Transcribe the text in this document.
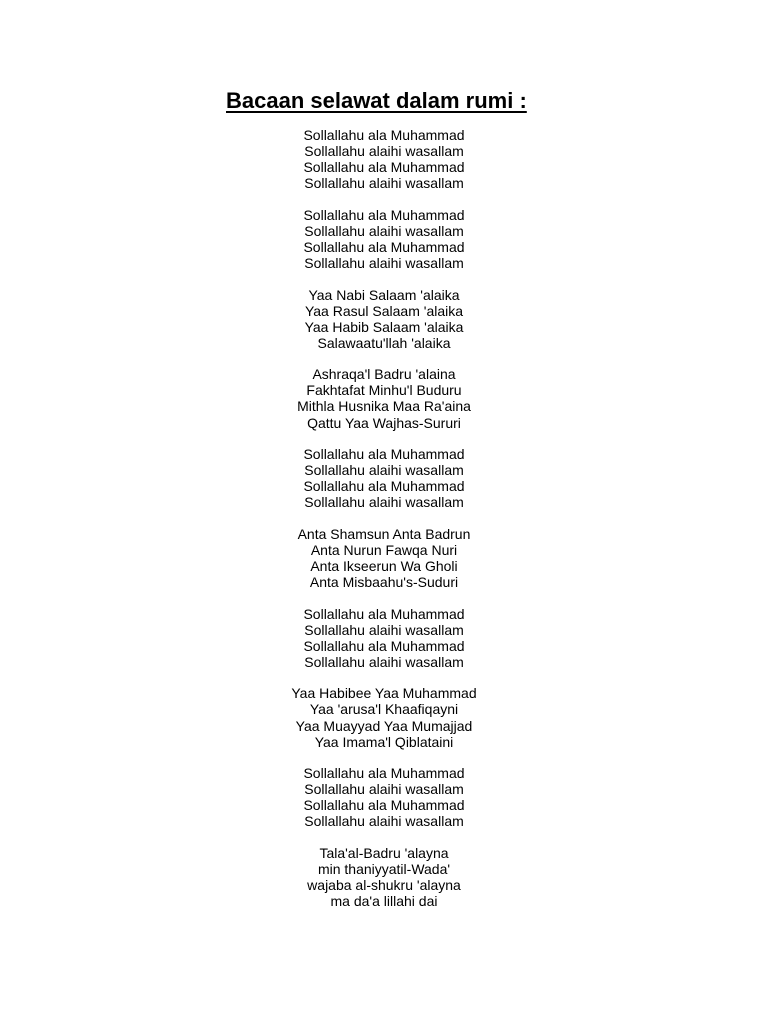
Bacaan selawat dalam rumi :
Sollallahu ala Muhammad
Sollallahu alaihi wasallam
Sollallahu ala Muhammad
Sollallahu alaihi wasallam
Sollallahu ala Muhammad
Sollallahu alaihi wasallam
Sollallahu ala Muhammad
Sollallahu alaihi wasallam
Yaa Nabi Salaam 'alaika
Yaa Rasul Salaam 'alaika
Yaa Habib Salaam 'alaika
Salawaatu'llah 'alaika
Ashraqa'l Badru 'alaina
Fakhtafat Minhu'l Buduru
Mithla Husnika Maa Ra'aina
Qattu Yaa Wajhas-Sururi
Sollallahu ala Muhammad
Sollallahu alaihi wasallam
Sollallahu ala Muhammad
Sollallahu alaihi wasallam
Anta Shamsun Anta Badrun
Anta Nurun Fawqa Nuri
Anta Ikseerun Wa Gholi
Anta Misbaahu's-Suduri
Sollallahu ala Muhammad
Sollallahu alaihi wasallam
Sollallahu ala Muhammad
Sollallahu alaihi wasallam
Yaa Habibee Yaa Muhammad
Yaa 'arusa'l Khaafiqayni
Yaa Muayyad Yaa Mumajjad
Yaa Imama'l Qiblataini
Sollallahu ala Muhammad
Sollallahu alaihi wasallam
Sollallahu ala Muhammad
Sollallahu alaihi wasallam
Tala'al-Badru 'alayna
min thaniyyatil-Wada'
wajaba al-shukru 'alayna
ma da'a lillahi dai
